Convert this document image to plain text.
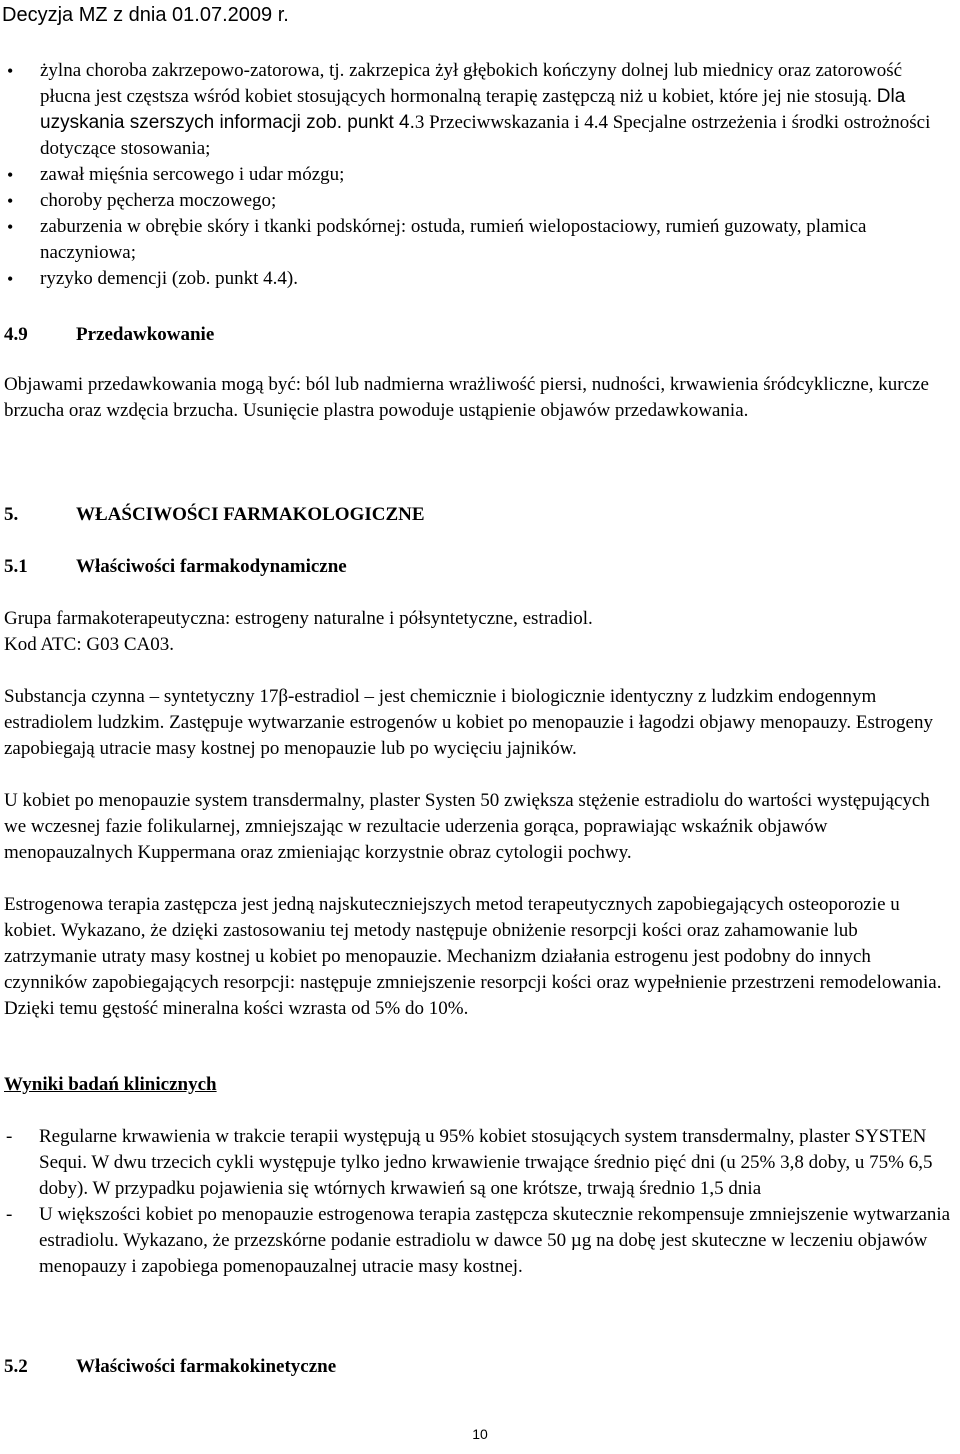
Decyzja MZ z dnia 01.07.2009 r.
• żylna choroba zakrzepowo-zatorowa, tj. zakrzepica żył głębokich kończyny dolnej lub miednicy oraz zatorowość płucna jest częstsza wśród kobiet stosujących hormonalną terapię zastępczą niż u kobiet, które jej nie stosują. Dla uzyskania szerszych informacji zob. punkt 4.3 Przeciwwskazania i 4.4 Specjalne ostrzeżenia i środki ostrożności dotyczące stosowania;
• zawał mięśnia sercowego i udar mózgu;
• choroby pęcherza moczowego;
• zaburzenia w obrębie skóry i tkanki podskórnej: ostuda, rumień wielopostaciowy, rumień guzowaty, plamica naczyniowa;
• ryzyko demencji (zob. punkt 4.4).
4.9	Przedawkowanie

Objawami przedawkowania mogą być: ból lub nadmierna wrażliwość piersi, nudności, krwawienia śródcykliczne, kurcze brzucha oraz wzdęcia brzucha. Usunięcie plastra powoduje ustąpienie objawów przedawkowania.

5.	WŁAŚCIWOŚCI FARMAKOLOGICZNE
5.1	Właściwości farmakodynamiczne

Grupa farmakoterapeutyczna: estrogeny naturalne i półsyntetyczne, estradiol.

Kod ATC: G03 CA03.

Substancja czynna – syntetyczny 17β-estradiol – jest chemicznie i biologicznie identyczny z ludzkim endogennym estradiolem ludzkim. Zastępuje wytwarzanie estrogenów u kobiet po menopauzie i łagodzi objawy menopauzy. Estrogeny zapobiegają utracie masy kostnej po menopauzie lub po wycięciu jajników.

U kobiet po menopauzie system transdermalny, plaster Systen 50 zwiększa stężenie estradiolu do wartości występujących we wczesnej fazie folikularnej, zmniejszając w rezultacie uderzenia gorąca, poprawiając wskaźnik objawów menopauzalnych Kuppermana oraz zmieniając korzystnie obraz cytologii pochwy.

Estrogenowa terapia zastępcza jest jedną najskuteczniejszych metod terapeutycznych zapobiegających osteoporozie u kobiet. Wykazano, że dzięki zastosowaniu tej metody następuje obniżenie resorpcji kości oraz zahamowanie lub zatrzymanie utraty masy kostnej u kobiet po menopauzie. Mechanizm działania estrogenu jest podobny do innych czynników zapobiegających resorpcji: następuje zmniejszenie resorpcji kości oraz wypełnienie przestrzeni remodelowania. Dzięki temu gęstość mineralna kości wzrasta od 5% do 10%.

Wyniki badań klinicznych
- Regularne krwawienia w trakcie terapii występują u 95% kobiet stosujących system transdermalny, plaster SYSTEN Sequi. W dwu trzecich cykli występuje tylko jedno krwawienie trwające średnio pięć dni (u 25% 3,8 doby, u 75% 6,5 doby). W przypadku pojawienia się wtórnych krwawień są one krótsze, trwają średnio 1,5 dnia
- U większości kobiet po menopauzie estrogenowa terapia zastępcza skutecznie rekompensuje zmniejszenie wytwarzania estradiolu. Wykazano, że przezskórne podanie estradiolu w dawce 50 µg na dobę jest skuteczne w leczeniu objawów menopauzy i zapobiega pomenopauzalnej utracie masy kostnej.
5.2	Właściwości farmakokinetyczne
10
